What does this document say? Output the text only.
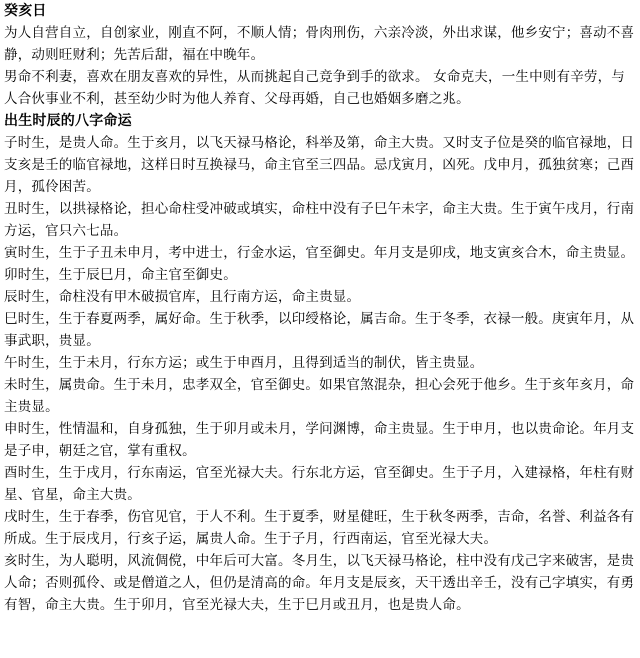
癸亥日

为人自营自立，自创家业，刚直不阿，不顺人情；骨肉刑伤，六亲冷淡，外出求谋，他乡安宁；喜动不喜静，动则旺财利；先苦后甜，福在中晚年。

男命不利妻，喜欢在朋友喜欢的异性，从而挑起自己竞争到手的欲求。 女命克夫，一生中则有辛劳，与人合伙事业不利，甚至幼少时为他人养育、父母再婚，自己也婚姻多磨之兆。

出生时辰的八字命运

子时生，是贵人命。生于亥月，以飞天禄马格论，科举及第，命主大贵。又时支子位是癸的临官禄地，日支亥是壬的临官禄地，这样日时互换禄马，命主官至三四品。忌戊寅月，凶死。戊申月，孤独贫寒；己酉月，孤伶困苦。

丑时生，以拱禄格论，担心命柱受冲破或填实，命柱中没有子巳午未字，命主大贵。生于寅午戌月，行南方运，官只六七品。

寅时生，生于子丑未申月，考中进士，行金水运，官至御史。年月支是卯戌，地支寅亥合木，命主贵显。

卯时生，生于辰巳月，命主官至御史。

辰时生，命柱没有甲木破损官库，且行南方运，命主贵显。

巳时生，生于春夏两季，属好命。生于秋季，以印绶格论，属吉命。生于冬季，衣禄一般。庚寅年月，从事武职，贵显。

午时生，生于未月，行东方运；或生于申酉月，且得到适当的制伏，皆主贵显。

未时生，属贵命。生于未月，忠孝双全，官至御史。如果官煞混杂，担心会死于他乡。生于亥年亥月，命主贵显。

申时生，性情温和，自身孤独，生于卯月或未月，学问渊博，命主贵显。生于申月，也以贵命论。年月支是子申，朝廷之官，掌有重权。

酉时生，生于戌月，行东南运，官至光禄大夫。行东北方运，官至御史。生于子月，入建禄格，年柱有财星、官星，命主大贵。

戌时生，生于春季，伤官见官，于人不利。生于夏季，财星健旺，生于秋冬两季，吉命，名誉、利益各有所成。生于辰戌月，行亥子运，属贵人命。生于子月，行西南运，官至光禄大夫。

亥时生，为人聪明，风流倜傥，中年后可大富。冬月生，以飞天禄马格论，柱中没有戊己字来破害，是贵人命；否则孤伶、或是僧道之人，但仍是清高的命。年月支是辰亥，天干透出辛壬，没有己字填实，有勇有智，命主大贵。生于卯月，官至光禄大夫，生于巳月或丑月，也是贵人命。
